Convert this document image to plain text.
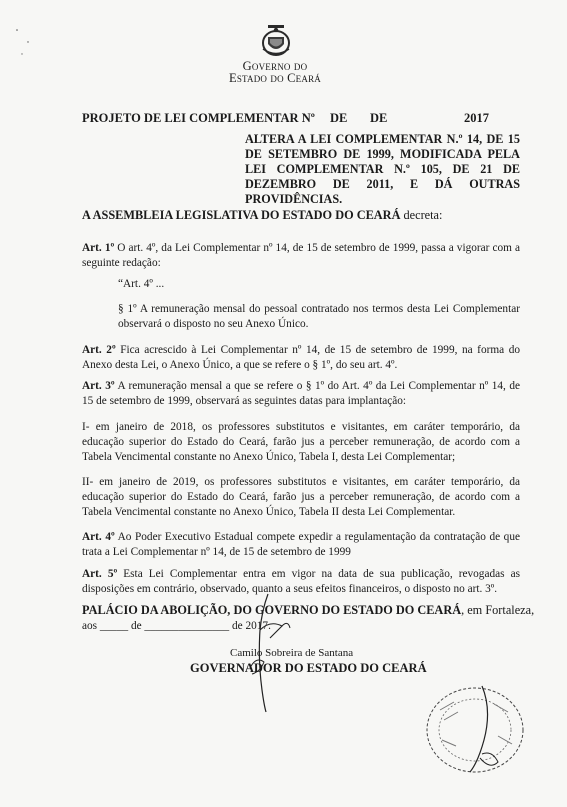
Governo do
Estado do Ceará
PROJETO DE LEI COMPLEMENTAR Nº DE DE	2017
ALTERA A LEI COMPLEMENTAR N.º 14, DE 15 DE SETEMBRO DE 1999, MODIFICADA PELA LEI COMPLEMENTAR N.º 105, DE 21 DE DEZEMBRO DE 2011, E DÁ OUTRAS PROVIDÊNCIAS.
A ASSEMBLEIA LEGISLATIVA DO ESTADO DO CEARÁ decreta:
Art. 1º O art. 4º, da Lei Complementar nº 14, de 15 de setembro de 1999, passa a vigorar com a seguinte redação:
“Art. 4º ...
§ 1º A remuneração mensal do pessoal contratado nos termos desta Lei Complementar observará o disposto no seu Anexo Único.
Art. 2º Fica acrescido à Lei Complementar nº 14, de 15 de setembro de 1999, na forma do Anexo desta Lei, o Anexo Único, a que se refere o § 1º, do seu art. 4º.
Art. 3º A remuneração mensal a que se refere o § 1º do Art. 4º da Lei Complementar nº 14, de 15 de setembro de 1999, observará as seguintes datas para implantação:
I- em janeiro de 2018, os professores substitutos e visitantes, em caráter temporário, da educação superior do Estado do Ceará, farão jus a perceber remuneração, de acordo com a Tabela Vencimental constante no Anexo Único, Tabela I, desta Lei Complementar;
II- em janeiro de 2019, os professores substitutos e visitantes, em caráter temporário, da educação superior do Estado do Ceará, farão jus a perceber remuneração, de acordo com a Tabela Vencimental constante no Anexo Único, Tabela II desta Lei Complementar.
Art. 4º Ao Poder Executivo Estadual compete expedir a regulamentação da contratação de que trata a Lei Complementar nº 14, de 15 de setembro de 1999
Art. 5º Esta Lei Complementar entra em vigor na data de sua publicação, revogadas as disposições em contrário, observado, quanto a seus efeitos financeiros, o disposto no art. 3º.
PALÁCIO DA ABOLIÇÃO, DO GOVERNO DO ESTADO DO CEARÁ, em Fortaleza,
aos _____ de _______________ de 2017.
Camilo Sobreira de Santana
GOVERNADOR DO ESTADO DO CEARÁ
